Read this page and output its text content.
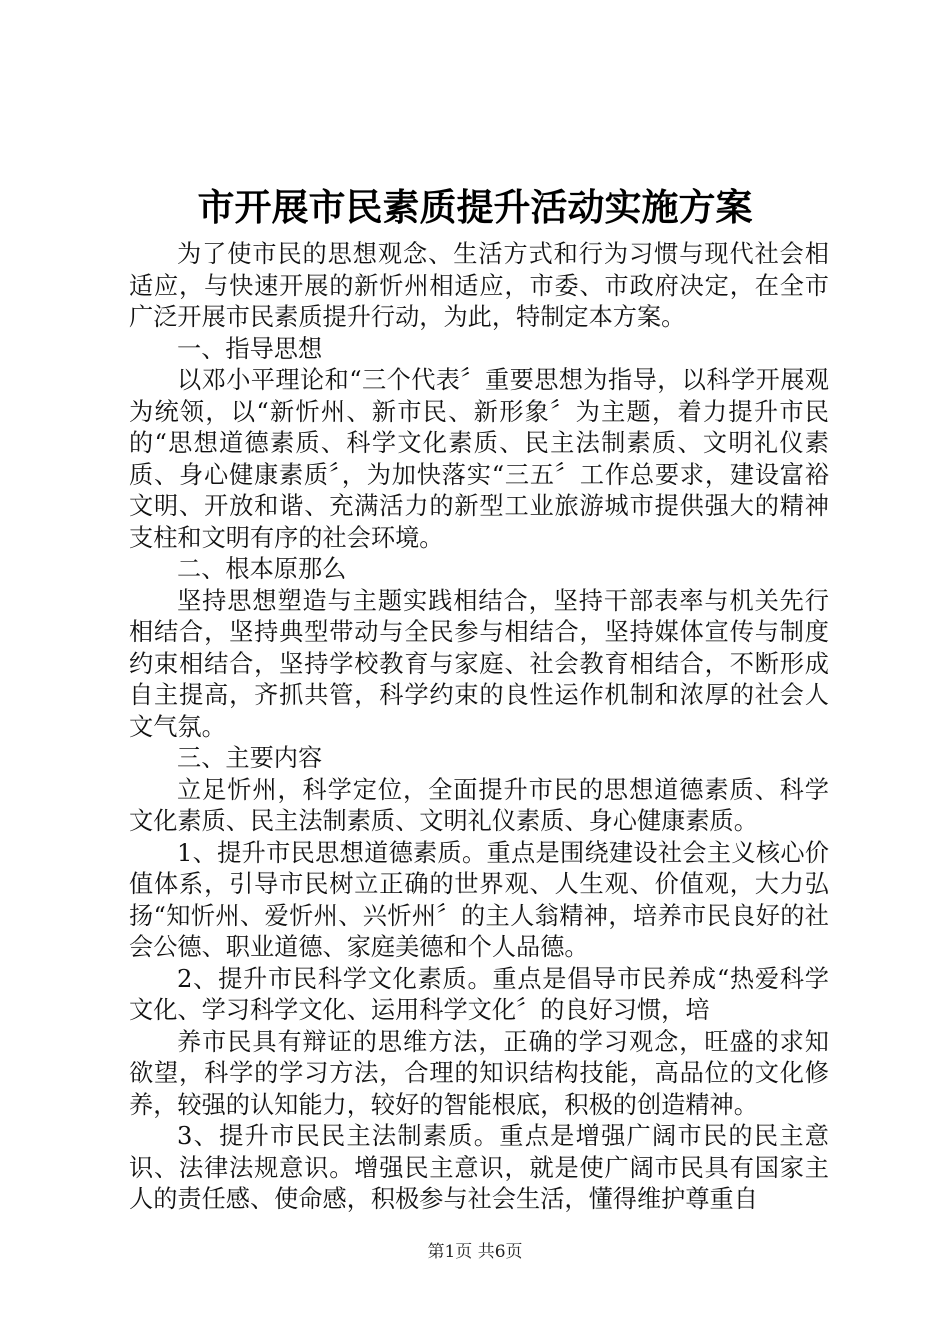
市开展市民素质提升活动实施方案

为了使市民的思想观念、生活方式和行为习惯与现代社会相适应，与快速开展的新忻州相适应，市委、市政府决定，在全市广泛开展市民素质提升行动，为此，特制定本方案。

一、指导思想

以邓小平理论和“三个代表〞重要思想为指导，以科学开展观为统领，以“新忻州、新市民、新形象〞为主题，着力提升市民的“思想道德素质、科学文化素质、民主法制素质、文明礼仪素质、身心健康素质〞，为加快落实“三五〞工作总要求，建设富裕文明、开放和谐、充满活力的新型工业旅游城市提供强大的精神支柱和文明有序的社会环境。

二、根本原那么

坚持思想塑造与主题实践相结合，坚持干部表率与机关先行相结合，坚持典型带动与全民参与相结合，坚持媒体宣传与制度约束相结合，坚持学校教育与家庭、社会教育相结合，不断形成自主提高，齐抓共管，科学约束的良性运作机制和浓厚的社会人文气氛。

三、主要内容

立足忻州，科学定位，全面提升市民的思想道德素质、科学文化素质、民主法制素质、文明礼仪素质、身心健康素质。

1、提升市民思想道德素质。重点是围绕建设社会主义核心价值体系，引导市民树立正确的世界观、人生观、价值观，大力弘扬“知忻州、爱忻州、兴忻州〞的主人翁精神，培养市民良好的社会公德、职业道德、家庭美德和个人品德。

2、提升市民科学文化素质。重点是倡导市民养成“热爱科学文化、学习科学文化、运用科学文化〞的良好习惯，培

养市民具有辩证的思维方法，正确的学习观念，旺盛的求知欲望，科学的学习方法，合理的知识结构技能，高品位的文化修养，较强的认知能力，较好的智能根底，积极的创造精神。

3、提升市民民主法制素质。重点是增强广阔市民的民主意识、法律法规意识。增强民主意识，就是使广阔市民具有国家主人的责任感、使命感，积极参与社会生活，懂得维护尊重自

第1页 共6页
